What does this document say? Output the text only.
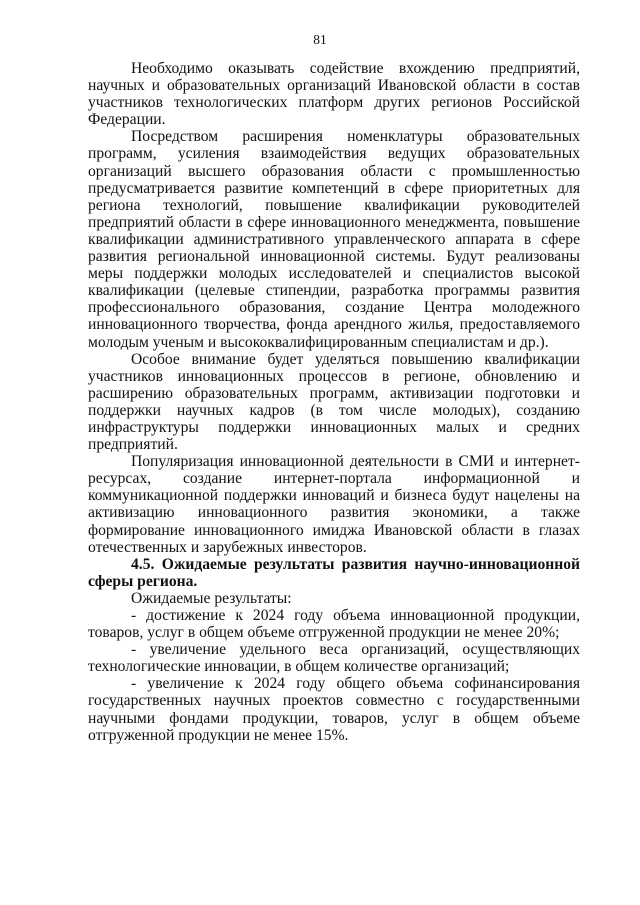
81

Необходимо оказывать содействие вхождению предприятий, научных и образовательных организаций Ивановской области в состав участников технологических платформ других регионов Российской Федерации.

Посредством расширения номенклатуры образовательных программ, усиления взаимодействия ведущих образовательных организаций высшего образования области с промышленностью предусматривается развитие компетенций в сфере приоритетных для региона технологий, повышение квалификации руководителей предприятий области в сфере инновационного менеджмента, повышение квалификации административного управленческого аппарата в сфере развития региональной инновационной системы. Будут реализованы меры поддержки молодых исследователей и специалистов высокой квалификации (целевые стипендии, разработка программы развития профессионального образования, создание Центра молодежного инновационного творчества, фонда арендного жилья, предоставляемого молодым ученым и высококвалифицированным специалистам и др.).

Особое внимание будет уделяться повышению квалификации участников инновационных процессов в регионе, обновлению и расширению образовательных программ, активизации подготовки и поддержки научных кадров (в том числе молодых), созданию инфраструктуры поддержки инновационных малых и средних предприятий.

Популяризация инновационной деятельности в СМИ и интернет-ресурсах, создание интернет-портала информационной и коммуникационной поддержки инноваций и бизнеса будут нацелены на активизацию инновационного развития экономики, а также формирование инновационного имиджа Ивановской области в глазах отечественных и зарубежных инвесторов.

4.5. Ожидаемые результаты развития научно-инновационной сферы региона.

Ожидаемые результаты:

- достижение к 2024 году объема инновационной продукции, товаров, услуг в общем объеме отгруженной продукции не менее 20%;

- увеличение удельного веса организаций, осуществляющих технологические инновации, в общем количестве организаций;

- увеличение к 2024 году общего объема софинансирования государственных научных проектов совместно с государственными научными фондами продукции, товаров, услуг в общем объеме отгруженной продукции не менее 15%.
